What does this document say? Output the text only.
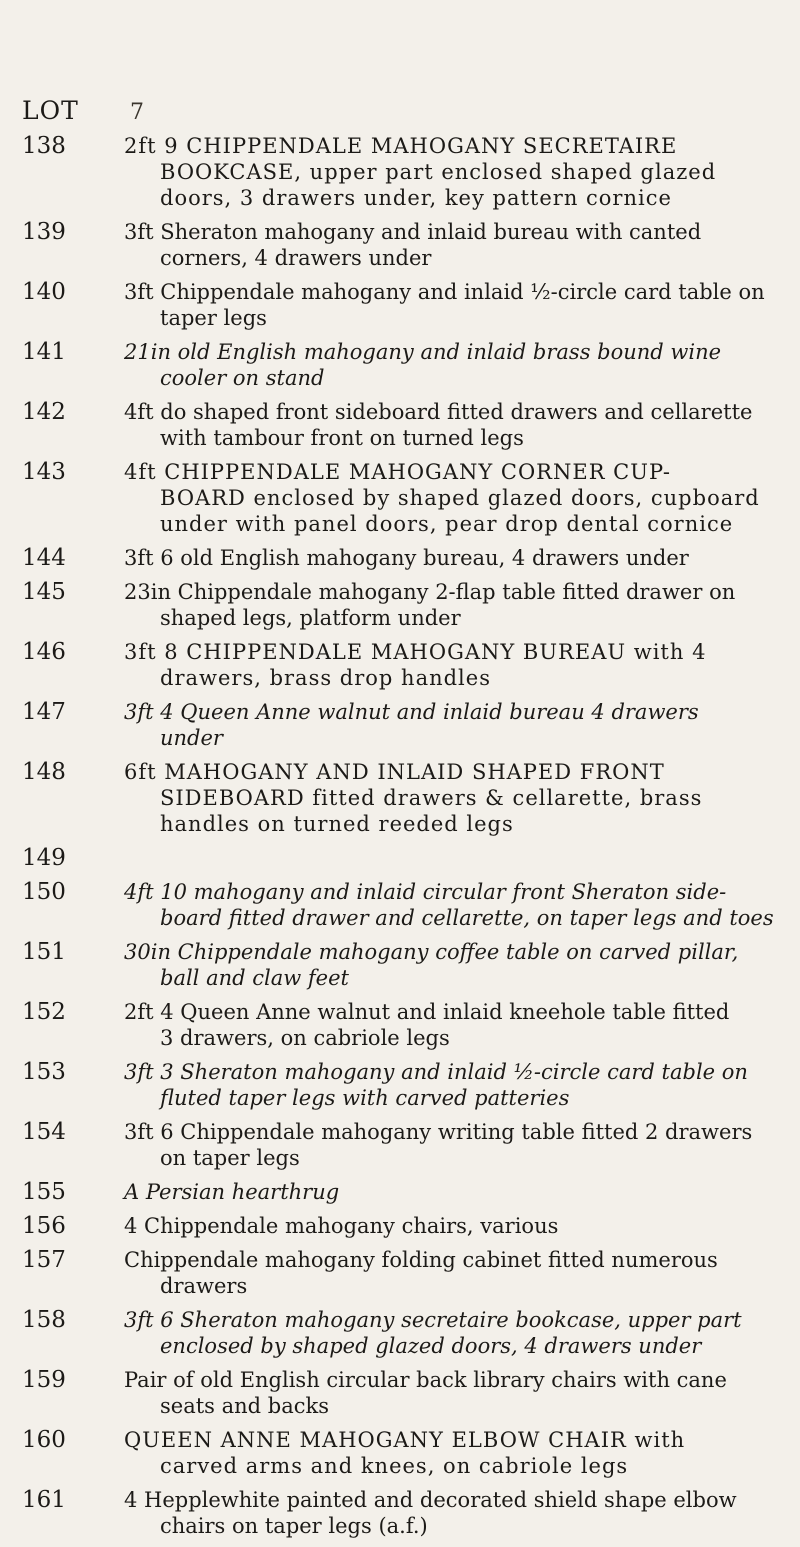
LOT 7
138	2ft 9 CHIPPENDALE MAHOGANY SECRETAIRE
BOOKCASE, upper part enclosed shaped glazed doors, 3 drawers under, key pattern cornice
139	3ft Sheraton mahogany and inlaid bureau with canted
corners, 4 drawers under
140	3ft Chippendale mahogany and inlaid ½-circle card table on
taper legs
141	21in old English mahogany and inlaid brass bound wine
cooler on stand
142	4ft do shaped front sideboard fitted drawers and cellarette
with tambour front on turned legs
143	4ft CHIPPENDALE MAHOGANY CORNER CUP-
BOARD enclosed by shaped glazed doors, cupboard under with panel doors, pear drop dental cornice
144	3ft 6 old English mahogany bureau, 4 drawers under
145	23in Chippendale mahogany 2-flap table fitted drawer on
shaped legs, platform under
146	3ft 8 CHIPPENDALE MAHOGANY BUREAU with 4
drawers, brass drop handles
147	3ft 4 Queen Anne walnut and inlaid bureau 4 drawers
under
148	6ft MAHOGANY AND INLAID SHAPED FRONT
SIDEBOARD fitted drawers & cellarette, brass handles on turned reeded legs
149
150	4ft 10 mahogany and inlaid circular front Sheraton side-
board fitted drawer and cellarette, on taper legs and toes
151	30in Chippendale mahogany coffee table on carved pillar,
ball and claw feet
152	2ft 4 Queen Anne walnut and inlaid kneehole table fitted
3 drawers, on cabriole legs
153	3ft 3 Sheraton mahogany and inlaid ½-circle card table on
fluted taper legs with carved patteries
154	3ft 6 Chippendale mahogany writing table fitted 2 drawers
on taper legs
155	A Persian hearthrug
156	4 Chippendale mahogany chairs, various
157	Chippendale mahogany folding cabinet fitted numerous
drawers
158	3ft 6 Sheraton mahogany secretaire bookcase, upper part
enclosed by shaped glazed doors, 4 drawers under
159	Pair of old English circular back library chairs with cane
seats and backs
160	QUEEN ANNE MAHOGANY ELBOW CHAIR with
carved arms and knees, on cabriole legs
161	4 Hepplewhite painted and decorated shield shape elbow
chairs on taper legs (a.f.)
